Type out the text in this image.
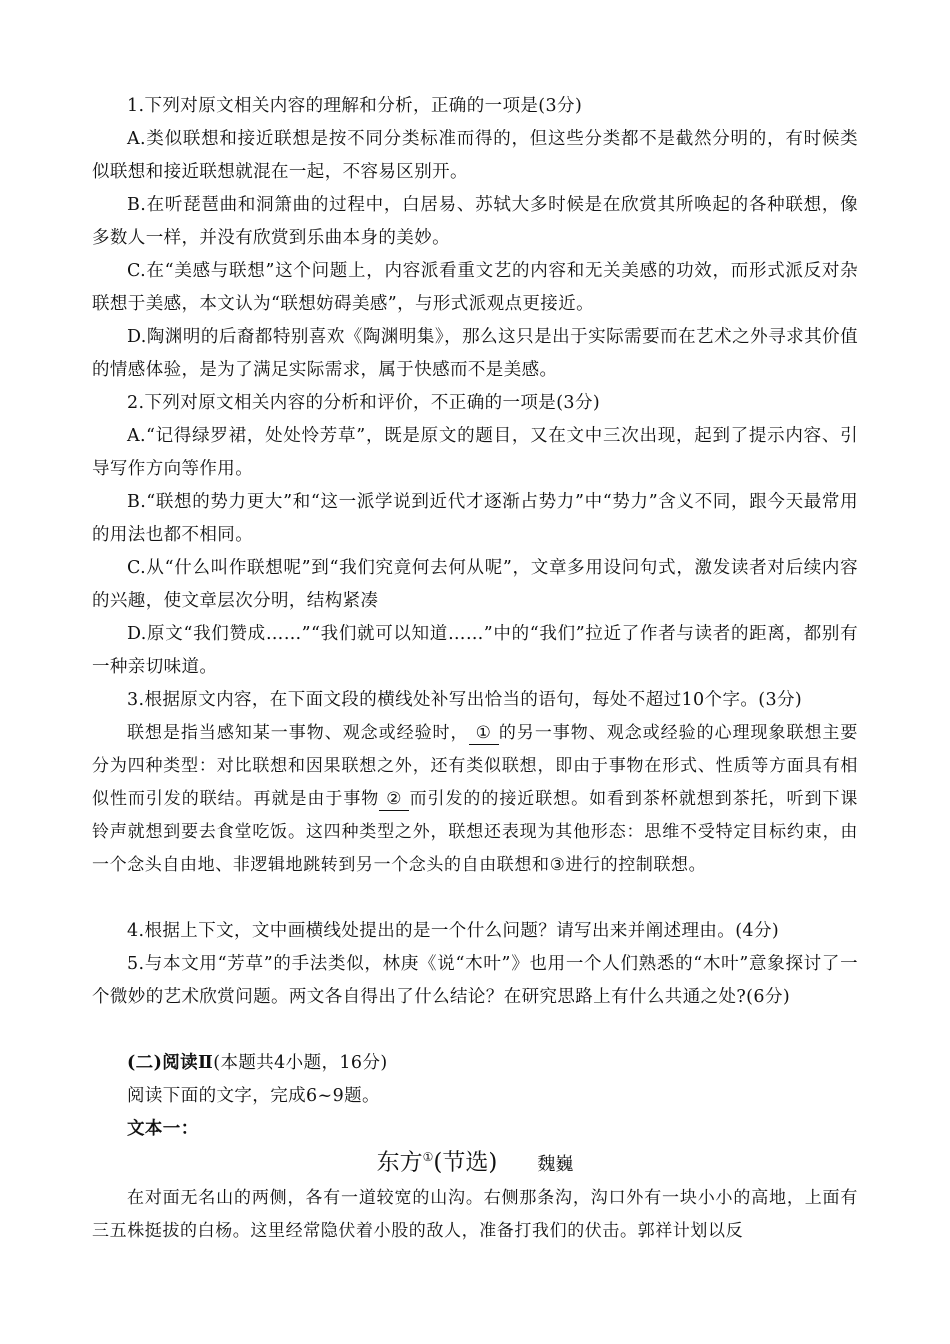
1.下列对原文相关内容的理解和分析，正确的一项是(3分)
A.类似联想和接近联想是按不同分类标准而得的，但这些分类都不是截然分明的，有时候类似联想和接近联想就混在一起，不容易区别开。
B.在听琵琶曲和洞箫曲的过程中，白居易、苏轼大多时候是在欣赏其所唤起的各种联想，像多数人一样，并没有欣赏到乐曲本身的美妙。
C.在“美感与联想”这个问题上，内容派看重文艺的内容和无关美感的功效，而形式派反对杂联想于美感，本文认为“联想妨碍美感”，与形式派观点更接近。
D.陶渊明的后裔都特别喜欢《陶渊明集》，那么这只是出于实际需要而在艺术之外寻求其价值的情感体验，是为了满足实际需求，属于快感而不是美感。
2.下列对原文相关内容的分析和评价，不正确的一项是(3分)
A.“记得绿罗裙，处处怜芳草”，既是原文的题目，又在文中三次出现，起到了提示内容、引导写作方向等作用。
B.“联想的势力更大”和“这一派学说到近代才逐渐占势力”中“势力”含义不同，跟今天最常用的用法也都不相同。
C.从“什么叫作联想呢”到“我们究竟何去何从呢”，文章多用设问句式，激发读者对后续内容的兴趣，使文章层次分明，结构紧凑
D.原文“我们赞成……”“我们就可以知道……”中的“我们”拉近了作者与读者的距离，都别有一种亲切味道。
3.根据原文内容，在下面文段的横线处补写出恰当的语句，每处不超过10个字。(3分)
联想是指当感知某一事物、观念或经验时， ① 的另一事物、观念或经验的心理现象联想主要分为四种类型：对比联想和因果联想之外，还有类似联想，即由于事物在形式、性质等方面具有相似性而引发的联结。再就是由于事物 ② 而引发的的接近联想。如看到茶杯就想到茶托，听到下课铃声就想到要去食堂吃饭。这四种类型之外，联想还表现为其他形态：思维不受特定目标约束，由一个念头自由地、非逻辑地跳转到另一个念头的自由联想和③进行的控制联想。
4.根据上下文，文中画横线处提出的是一个什么问题？请写出来并阐述理由。(4分)
5.与本文用“芳草”的手法类似，林庚《说“木叶”》也用一个人们熟悉的“木叶”意象探讨了一个微妙的艺术欣赏问题。两文各自得出了什么结论？在研究思路上有什么共通之处?(6分)
(二)阅读Ⅱ(本题共4小题，16分)
阅读下面的文字，完成6~9题。
文本一：
东方①(节选) 魏巍
在对面无名山的两侧，各有一道较宽的山沟。右侧那条沟，沟口外有一块小小的高地，上面有三五株挺拔的白杨。这里经常隐伏着小股的敌人，准备打我们的伏击。郭祥计划以反
